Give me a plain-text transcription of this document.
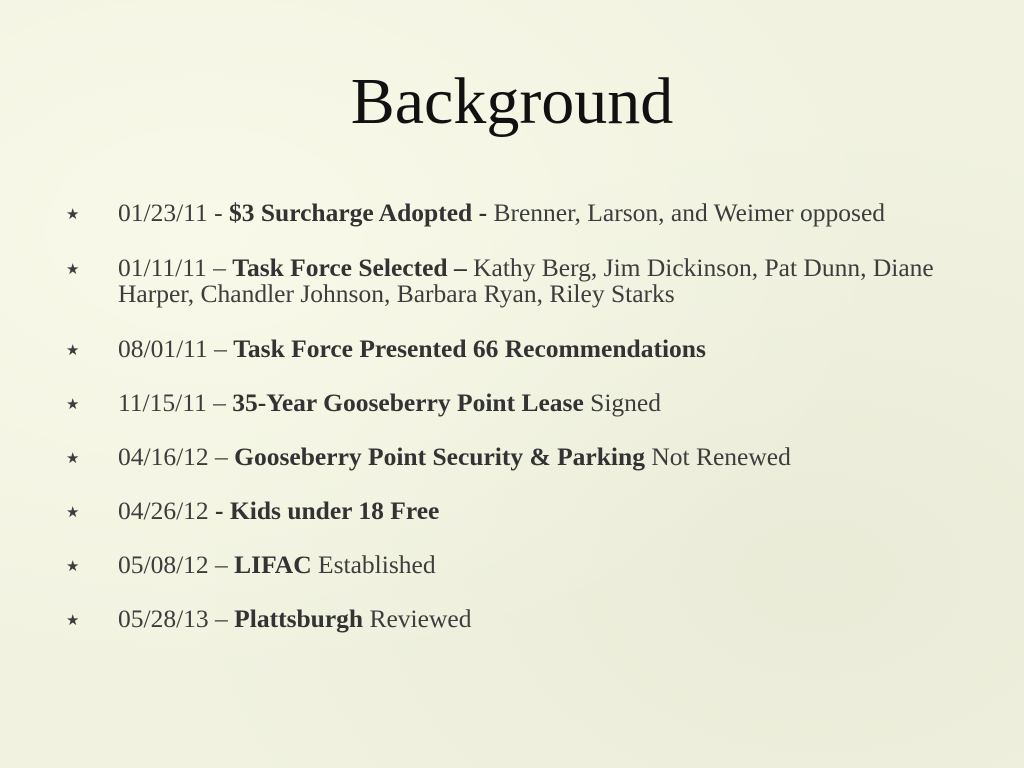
Background
★ 01/23/11 - $3 Surcharge Adopted - Brenner, Larson, and Weimer opposed
★ 01/11/11 – Task Force Selected – Kathy Berg, Jim Dickinson, Pat Dunn, Diane Harper, Chandler Johnson, Barbara Ryan, Riley Starks
★ 08/01/11 – Task Force Presented 66 Recommendations
★ 11/15/11 – 35-Year Gooseberry Point Lease Signed
★ 04/16/12 – Gooseberry Point Security & Parking Not Renewed
★ 04/26/12 - Kids under 18 Free
★ 05/08/12 – LIFAC Established
★ 05/28/13 – Plattsburgh Reviewed
